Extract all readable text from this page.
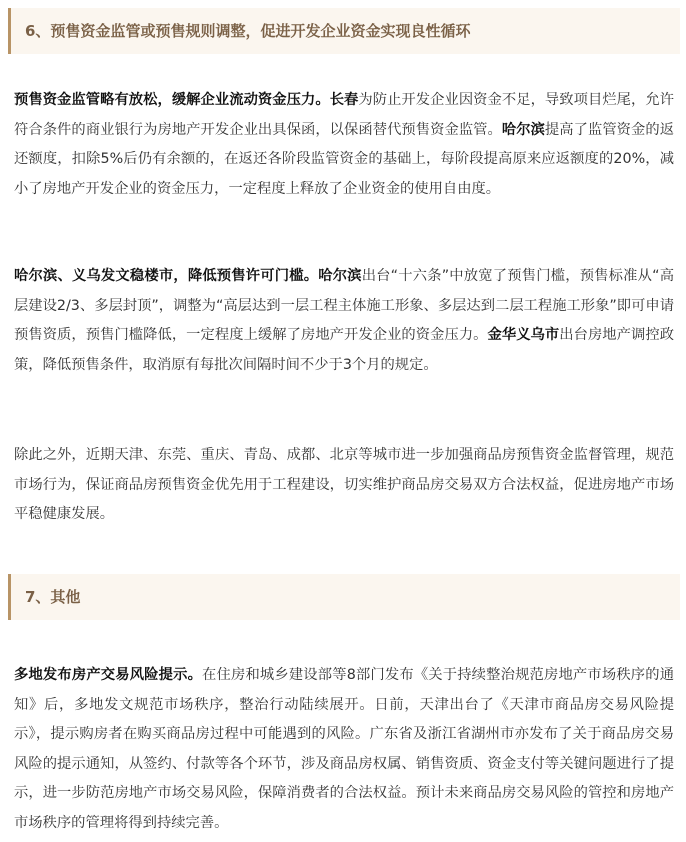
6、预售资金监管或预售规则调整，促进开发企业资金实现良性循环

预售资金监管略有放松，缓解企业流动资金压力。长春为防止开发企业因资金不足，导致项目烂尾，允许符合条件的商业银行为房地产开发企业出具保函，以保函替代预售资金监管。哈尔滨提高了监管资金的返还额度，扣除5%后仍有余额的，在返还各阶段监管资金的基础上，每阶段提高原来应返额度的20%，减小了房地产开发企业的资金压力，一定程度上释放了企业资金的使用自由度。

哈尔滨、义乌发文稳楼市，降低预售许可门槛。哈尔滨出台“十六条”中放宽了预售门槛，预售标准从“高层建设2/3、多层封顶”，调整为“高层达到一层工程主体施工形象、多层达到二层工程施工形象”即可申请预售资质，预售门槛降低，一定程度上缓解了房地产开发企业的资金压力。金华义乌市出台房地产调控政策，降低预售条件，取消原有每批次间隔时间不少于3个月的规定。

除此之外，近期天津、东莞、重庆、青岛、成都、北京等城市进一步加强商品房预售资金监督管理，规范市场行为，保证商品房预售资金优先用于工程建设，切实维护商品房交易双方合法权益，促进房地产市场平稳健康发展。

7、其他

多地发布房产交易风险提示。在住房和城乡建设部等8部门发布《关于持续整治规范房地产市场秩序的通知》后，多地发文规范市场秩序，整治行动陆续展开。日前，天津出台了《天津市商品房交易风险提示》，提示购房者在购买商品房过程中可能遇到的风险。广东省及浙江省湖州市亦发布了关于商品房交易风险的提示通知，从签约、付款等各个环节，涉及商品房权属、销售资质、资金支付等关键问题进行了提示，进一步防范房地产市场交易风险，保障消费者的合法权益。预计未来商品房交易风险的管控和房地产市场秩序的管理将得到持续完善。
